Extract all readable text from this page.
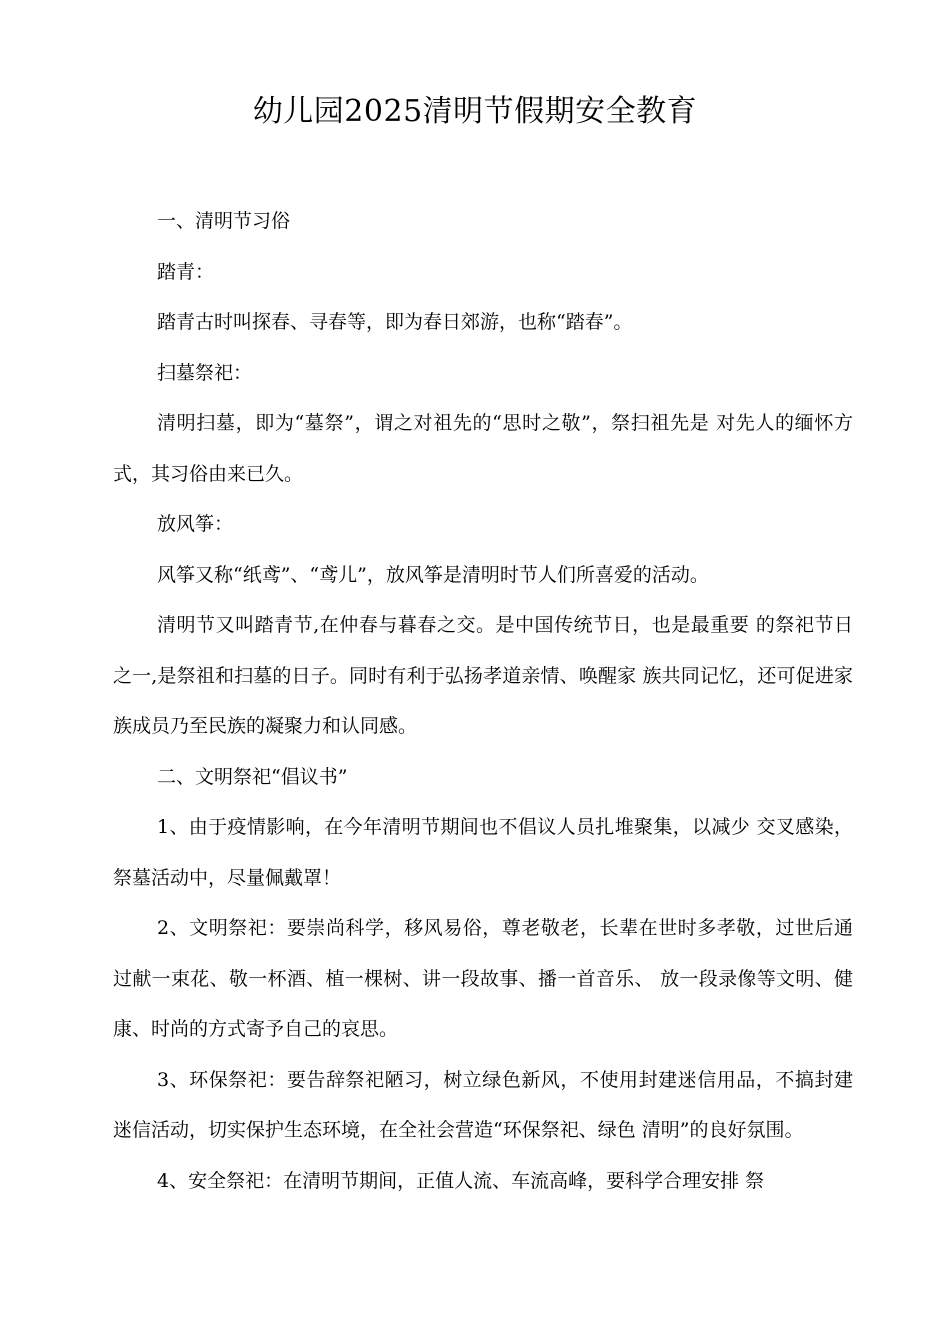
幼儿园2025清明节假期安全教育

一、清明节习俗

踏青：

踏青古时叫探春、寻春等，即为春日郊游，也称“踏春”。

扫墓祭祀：

清明扫墓，即为“墓祭”，谓之对祖先的“思时之敬”，祭扫祖先是 对先人的缅怀方式，其习俗由来已久。

放风筝：

风筝又称“纸鸢”、“鸢儿”，放风筝是清明时节人们所喜爱的活动。

清明节又叫踏青节,在仲春与暮春之交。是中国传统节日，也是最重要 的祭祀节日之一,是祭祖和扫墓的日子。同时有利于弘扬孝道亲情、唤醒家 族共同记忆，还可促进家族成员乃至民族的凝聚力和认同感。

二、文明祭祀“倡议书”

1、由于疫情影响，在今年清明节期间也不倡议人员扎堆聚集，以减少 交叉感染，祭墓活动中，尽量佩戴罩！

2、文明祭祀：要崇尚科学，移风易俗，尊老敬老，长辈在世时多孝敬，过世后通过献一束花、敬一杯酒、植一棵树、讲一段故事、播一首音乐、 放一段录像等文明、健康、时尚的方式寄予自己的哀思。

3、环保祭祀：要告辞祭祀陋习，树立绿色新风，不使用封建迷信用品，不搞封建迷信活动，切实保护生态环境，在全社会营造“环保祭祀、绿色 清明”的良好氛围。

4、安全祭祀：在清明节期间，正值人流、车流高峰，要科学合理安排 祭
